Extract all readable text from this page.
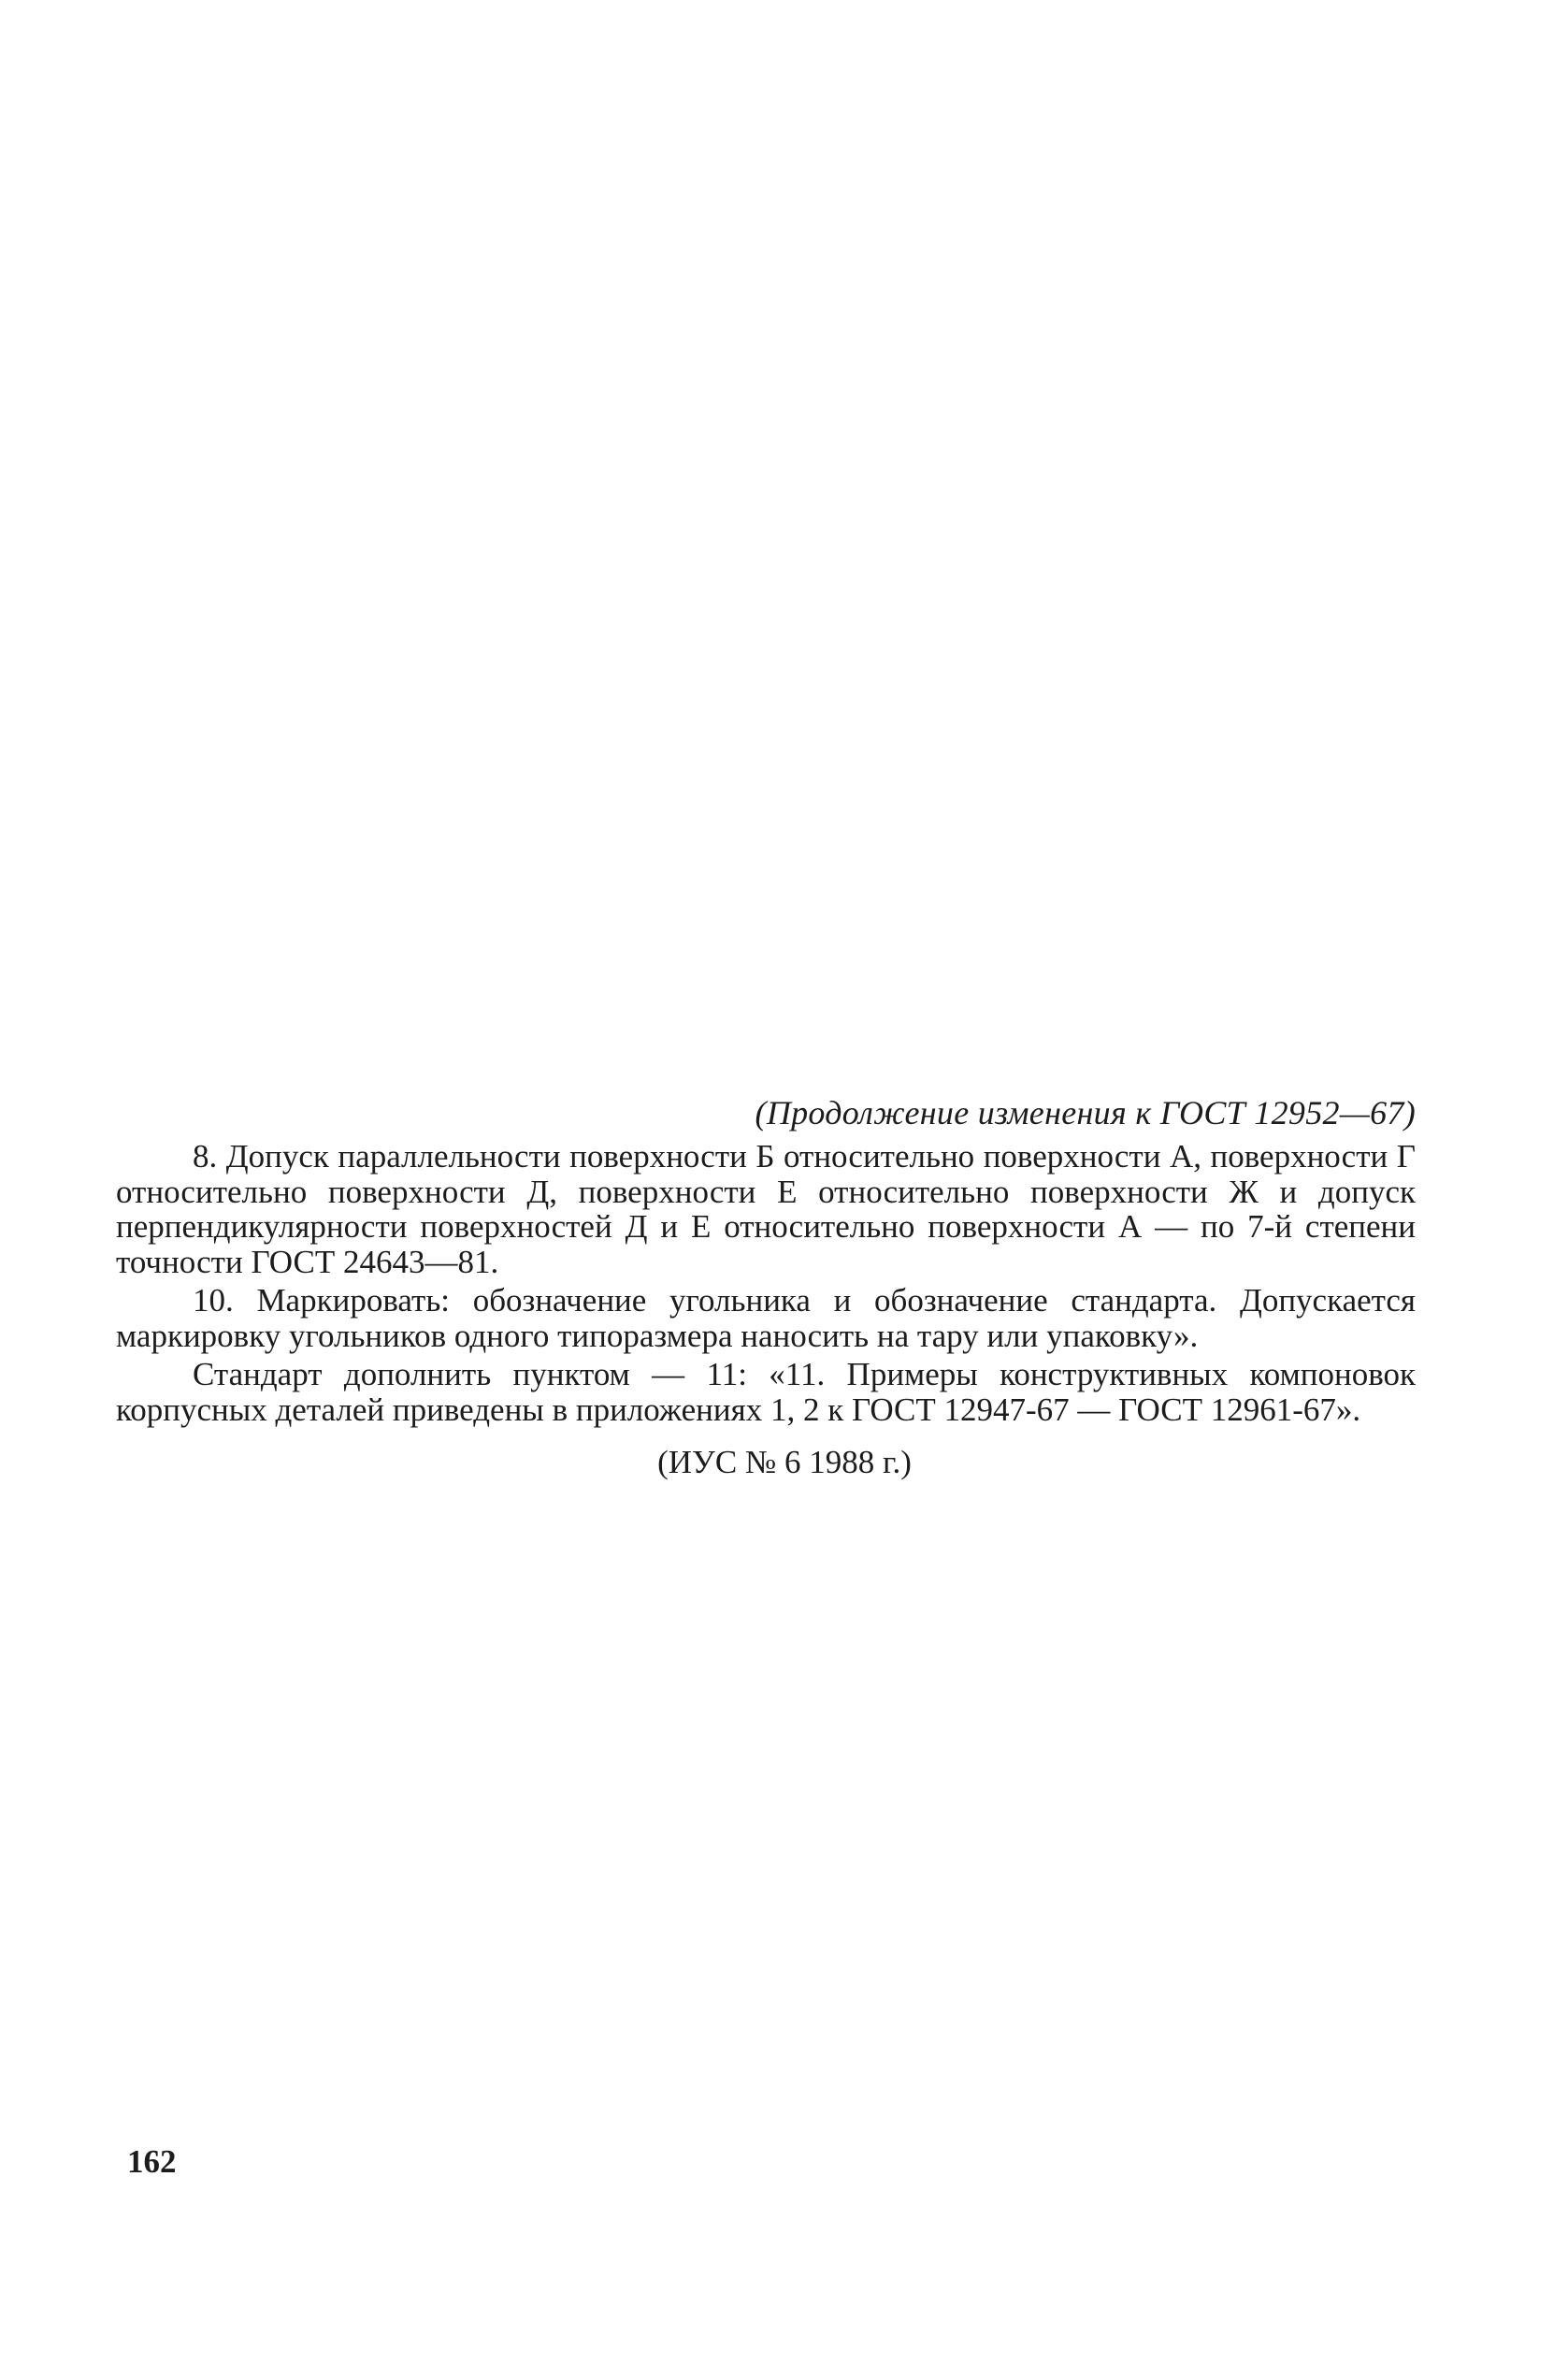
(Продолжение изменения к ГОСТ 12952—67)

8. Допуск параллельности поверхности Б относительно поверхности А, поверхности Г относительно поверхности Д, поверхности Е относительно поверхности Ж и допуск перпендикулярности поверхностей Д и Е относительно поверхности А — по 7-й степени точности ГОСТ 24643—81.

10. Маркировать: обозначение угольника и обозначение стандарта. Допускается маркировку угольников одного типоразмера наносить на тару или упаковку».

Стандарт дополнить пунктом — 11: «11. Примеры конструктивных компоновок корпусных деталей приведены в приложениях 1, 2 к ГОСТ 12947-67 — ГОСТ 12961-67».

(ИУС № 6 1988 г.)

162
